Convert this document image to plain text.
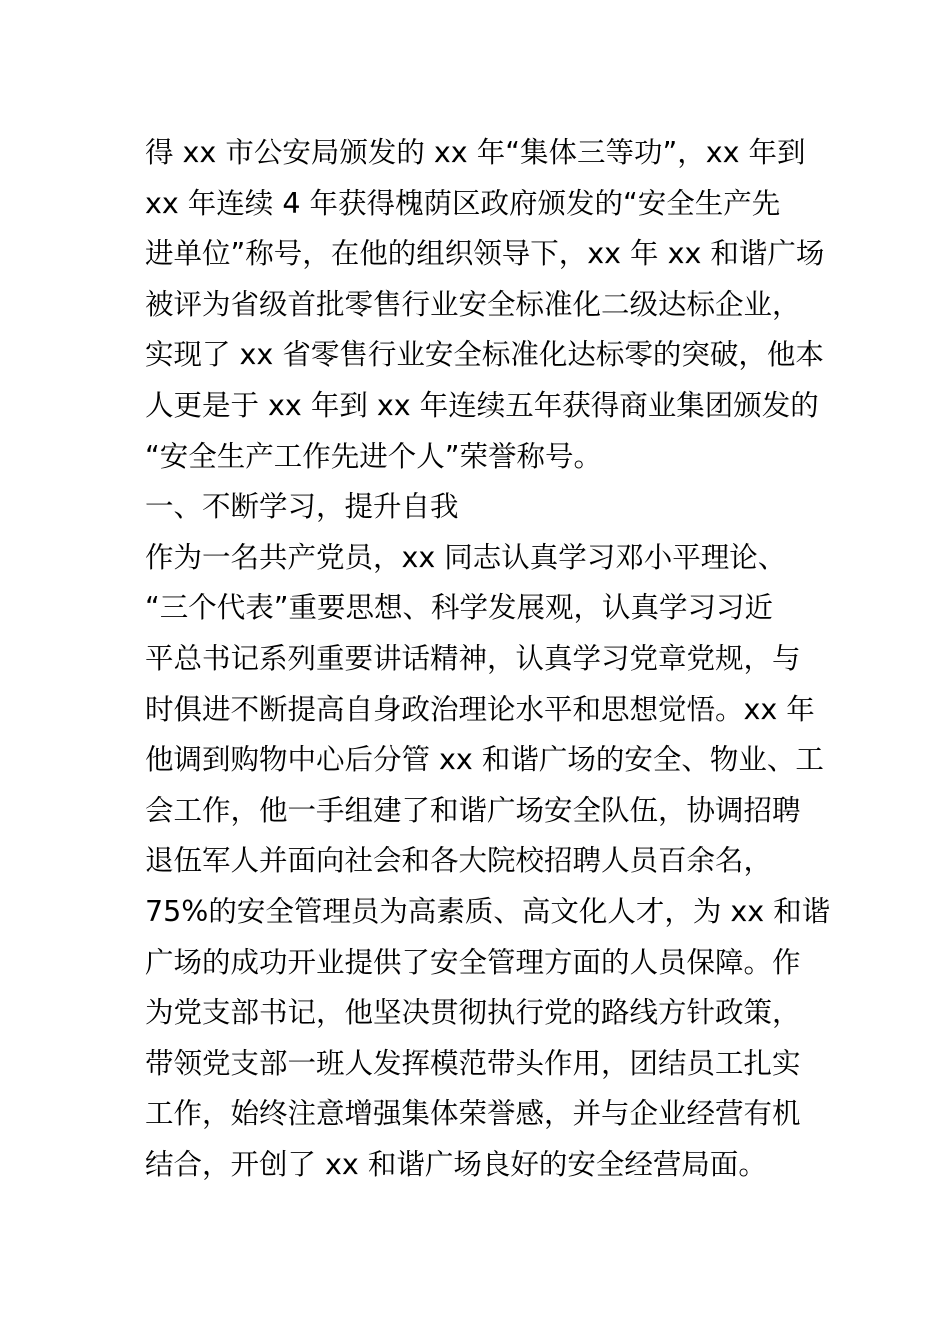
得 xx 市公安局颁发的 xx 年“集体三等功”，xx 年到
xx 年连续 4 年获得槐荫区政府颁发的“安全生产先
进单位”称号，在他的组织领导下，xx 年 xx 和谐广场
被评为省级首批零售行业安全标准化二级达标企业，
实现了 xx 省零售行业安全标准化达标零的突破，他本
人更是于 xx 年到 xx 年连续五年获得商业集团颁发的
“安全生产工作先进个人”荣誉称号。
一、不断学习，提升自我
作为一名共产党员，xx 同志认真学习邓小平理论、
“三个代表”重要思想、科学发展观，认真学习习近
平总书记系列重要讲话精神，认真学习党章党规，与
时俱进不断提高自身政治理论水平和思想觉悟。xx 年
他调到购物中心后分管 xx 和谐广场的安全、物业、工
会工作，他一手组建了和谐广场安全队伍，协调招聘
退伍军人并面向社会和各大院校招聘人员百余名，
75%的安全管理员为高素质、高文化人才，为 xx 和谐
广场的成功开业提供了安全管理方面的人员保障。作
为党支部书记，他坚决贯彻执行党的路线方针政策，
带领党支部一班人发挥模范带头作用，团结员工扎实
工作，始终注意增强集体荣誉感，并与企业经营有机
结合，开创了 xx 和谐广场良好的安全经营局面。
